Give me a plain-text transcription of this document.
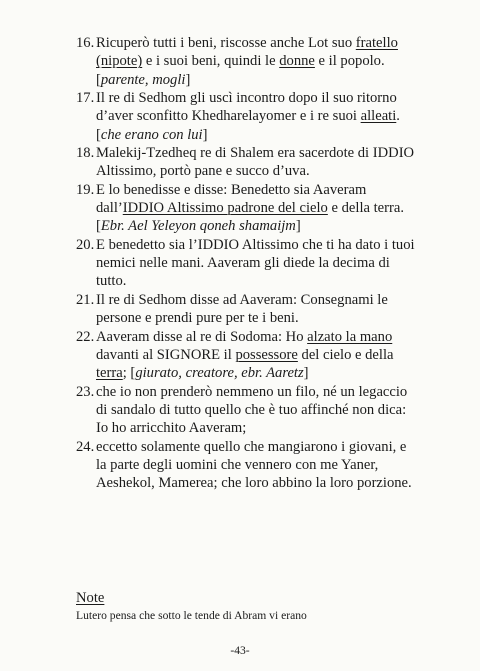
16. Ricuperò tutti i beni, riscosse anche Lot suo fratello (nipote) e i suoi beni, quindi le donne e il popolo. [parente, mogli]
17. Il re di Sedhom gli uscì incontro dopo il suo ritorno d’aver sconfitto Khedharelayomer e i re suoi alleati. [che erano con lui]
18. Malekij-Tzedheq re di Shalem era sacerdote di IDDIO Altissimo, portò pane e succo d’uva.
19. E lo benedisse e disse: Benedetto sia Aaveram dall’IDDIO Altissimo padrone del cielo e della terra. [Ebr. Ael Yeleyon qoneh shamaijm]
20. E benedetto sia l’IDDIO Altissimo che ti ha dato i tuoi nemici nelle mani. Aaveram gli diede la decima di tutto.
21. Il re di Sedhom disse ad Aaveram: Consegnami le persone e prendi pure per te i beni.
22. Aaveram disse al re di Sodoma: Ho alzato la mano davanti al SIGNORE il possessore del cielo e della terra; [giurato, creatore, ebr. Aaretz]
23. che io non prenderò nemmeno un filo, né un legaccio di sandalo di tutto quello che è tuo affinché non dica: Io ho arricchito Aaveram;
24. eccetto solamente quello che mangiarono i giovani, e la parte degli uomini che vennero con me Yaner, Aeshekol, Mamerea; che loro abbino la loro porzione.
Note
Lutero pensa che sotto le tende di Abram vi erano
-43-
